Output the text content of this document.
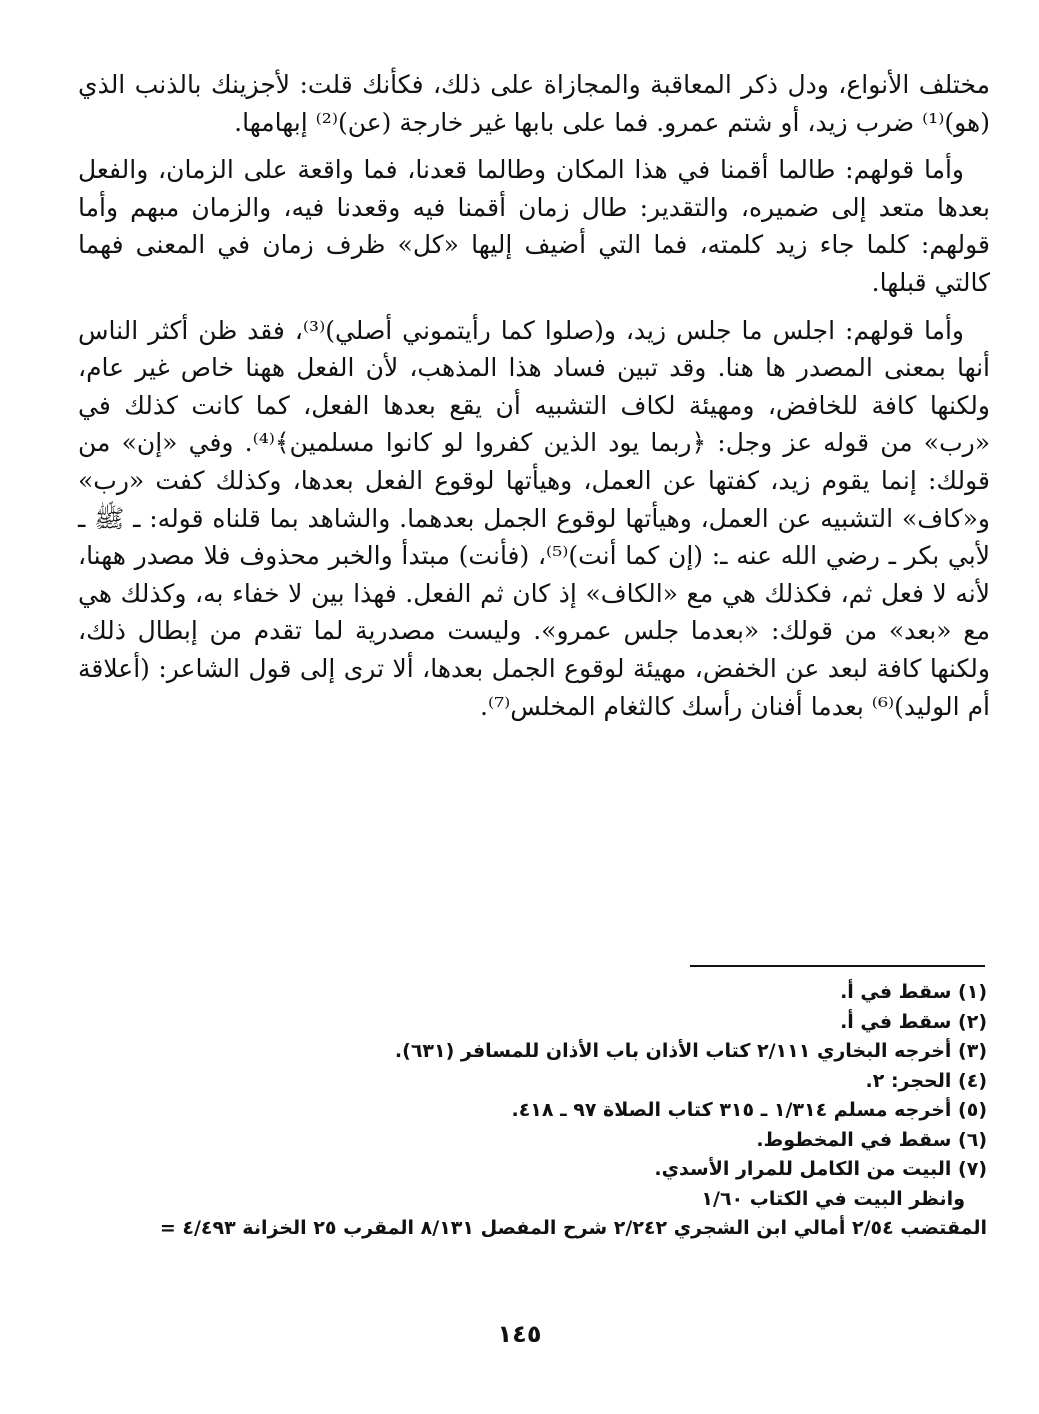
مختلف الأنواع، ودل ذكر المعاقبة والمجازاة على ذلك، فكأنك قلت: لأجزينك بالذنب الذي (هو)⁽¹⁾ ضرب زيد، أو شتم عمرو. فما على بابها غير خارجة (عن)⁽²⁾ إبهامها.

وأما قولهم: طالما أقمنا في هذا المكان وطالما قعدنا، فما واقعة على الزمان، والفعل بعدها متعد إلى ضميره، والتقدير: طال زمان أقمنا فيه وقعدنا فيه، والزمان مبهم وأما قولهم: كلما جاء زيد كلمته، فما التي أضيف إليها «كل» ظرف زمان في المعنى فهما كالتي قبلها.

وأما قولهم: اجلس ما جلس زيد، و(صلوا كما رأيتموني أصلي)⁽³⁾، فقد ظن أكثر الناس أنها بمعنى المصدر ها هنا. وقد تبين فساد هذا المذهب، لأن الفعل ههنا خاص غير عام، ولكنها كافة للخافض، ومهيئة لكاف التشبيه أن يقع بعدها الفعل، كما كانت كذلك في «رب» من قوله عز وجل: ﴿ربما يود الذين كفروا لو كانوا مسلمين﴾⁽⁴⁾. وفي «إن» من قولك: إنما يقوم زيد، كفتها عن العمل، وهيأتها لوقوع الفعل بعدها، وكذلك كفت «رب» و«كاف» التشبيه عن العمل، وهيأتها لوقوع الجمل بعدهما. والشاهد بما قلناه قوله: ـ ﷺ ـ لأبي بكر ـ رضي الله عنه ـ: (إن كما أنت)⁽⁵⁾، (فأنت) مبتدأ والخبر محذوف فلا مصدر ههنا، لأنه لا فعل ثم، فكذلك هي مع «الكاف» إذ كان ثم الفعل. فهذا بين لا خفاء به، وكذلك هي مع «بعد» من قولك: «بعدما جلس عمرو». وليست مصدرية لما تقدم من إبطال ذلك، ولكنها كافة لبعد عن الخفض، مهيئة لوقوع الجمل بعدها، ألا ترى إلى قول الشاعر: (أعلاقة أم الوليد)⁽⁶⁾ بعدما أفنان رأسك كالثغام المخلس⁽⁷⁾.

(١) سقط في أ.

(٢) سقط في أ.

(٣) أخرجه البخاري ٢/١١١ كتاب الأذان باب الأذان للمسافر (٦٣١).

(٤) الحجر: ٢.

(٥) أخرجه مسلم ١/٣١٤ ـ ٣١٥ كتاب الصلاة ٩٧ ـ ٤١٨.

(٦) سقط في المخطوط.

(٧) البيت من الكامل للمرار الأسدي.

وانظر البيت في الكتاب ١/٦٠

المقتضب ٢/٥٤ أمالي ابن الشجري ٢/٢٤٢ شرح المفصل ٨/١٣١ المقرب ٢٥ الخزانة ٤/٤٩٣ =

١٤٥
